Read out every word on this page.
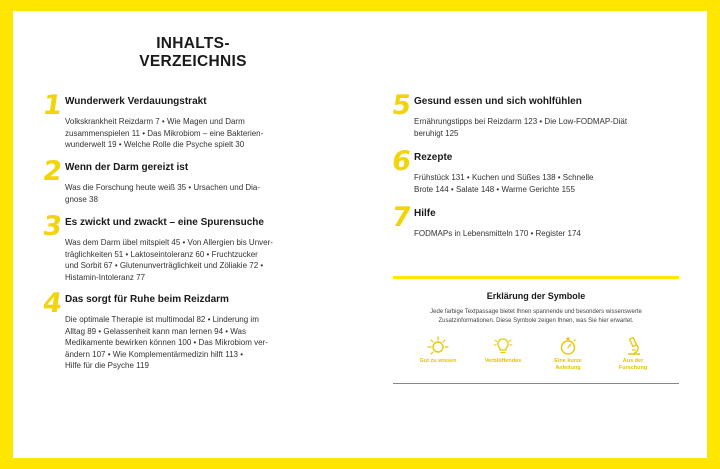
INHALTS-
VERZEICHNIS
1 Wunderwerk Verdauungstrakt
Volkskrankheit Reizdarm 7 • Wie Magen und Darm
zusammenspielen 11 • Das Mikrobiom – eine Bakterien-
wunderwelt 19 • Welche Rolle die Psyche spielt 30
2 Wenn der Darm gereizt ist
Was die Forschung heute weiß 35 • Ursachen und Dia-
gnose 38
3 Es zwickt und zwackt – eine Spurensuche
Was dem Darm übel mitspielt 45 • Von Allergien bis Unver-
träglichkeiten 51 • Laktoseintoleranz 60 • Fruchtzucker
und Sorbit 67 • Glutenunverträglichkeit und Zöliakie 72 •
Histamin-Intoleranz 77
4 Das sorgt für Ruhe beim Reizdarm
Die optimale Therapie ist multimodal 82 • Linderung im
Alltag 89 • Gelassenheit kann man lernen 94 • Was
Medikamente bewirken können 100 • Das Mikrobiom ver-
ändern 107 • Wie Komplementärmedizin hilft 113 •
Hilfe für die Psyche 119
5 Gesund essen und sich wohlfühlen
Ernährungstipps bei Reizdarm 123 • Die Low-FODMAP-Diät
beruhigt 125
6 Rezepte
Frühstück 131 • Kuchen und Süßes 138 • Schnelle
Brote 144 • Salate 148 • Warme Gerichte 155
7 Hilfe
FODMAPs in Lebensmitteln 170 • Register 174
Erklärung der Symbole
Jede farbige Textpassage bietet Ihnen spannende und besonders wissenswerte
Zusatzinformationen. Diese Symbole zeigen Ihnen, was Sie hier erwartet.
Gut zu wissen	Verblüffendes	Eine kurze
Anleitung
Aus der
Forschung
